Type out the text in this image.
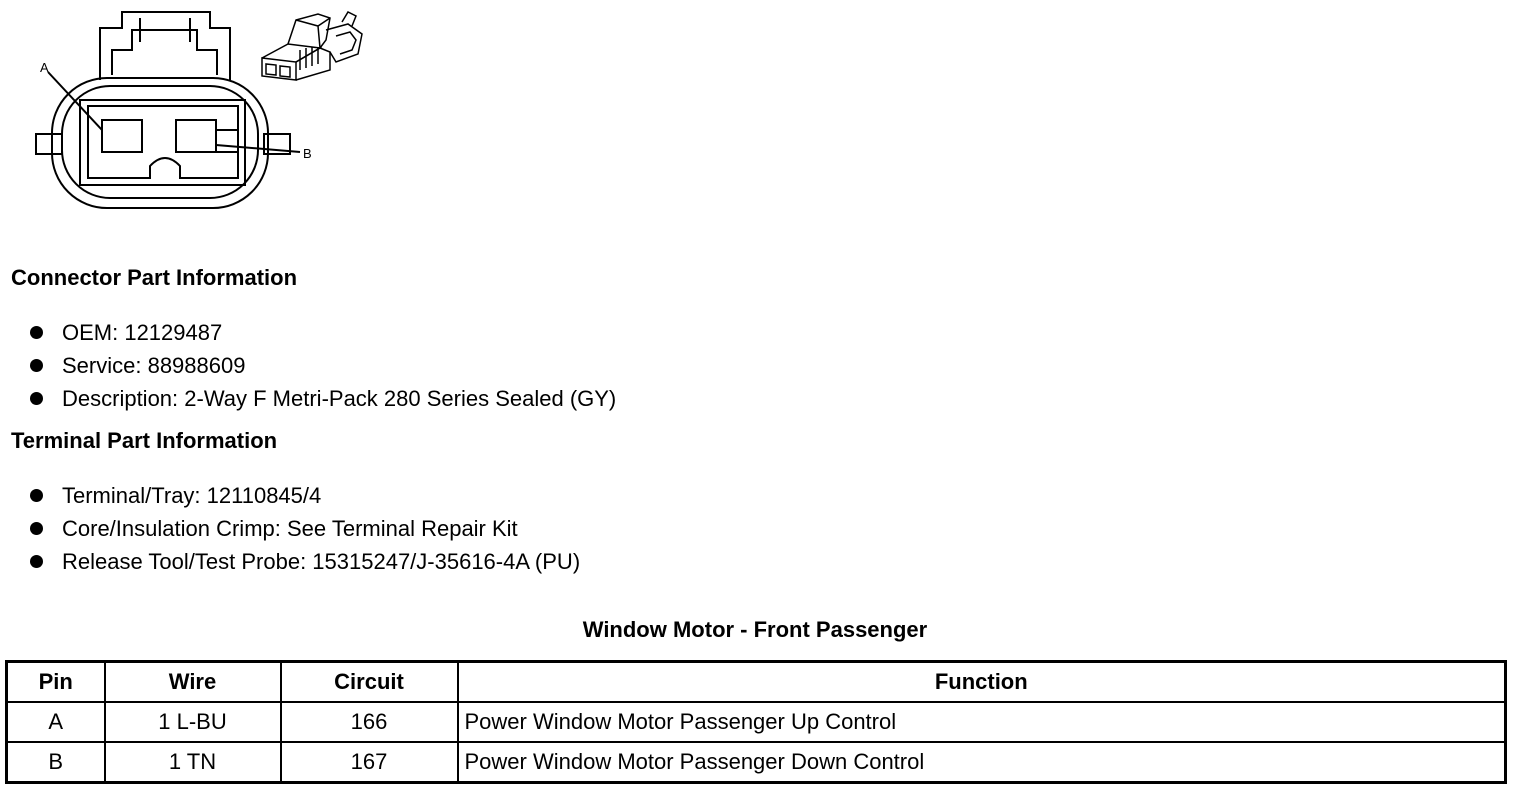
A
B
Connector Part Information
OEM: 12129487
Service: 88988609
Description: 2-Way F Metri-Pack 280 Series Sealed (GY)
Terminal Part Information
Terminal/Tray: 12110845/4
Core/Insulation Crimp: See Terminal Repair Kit
Release Tool/Test Probe: 15315247/J-35616-4A (PU)
Window Motor - Front Passenger
Pin	Wire	Circuit	Function
A	1 L-BU	166	Power Window Motor Passenger Up Control
B	1 TN	167	Power Window Motor Passenger Down Control
